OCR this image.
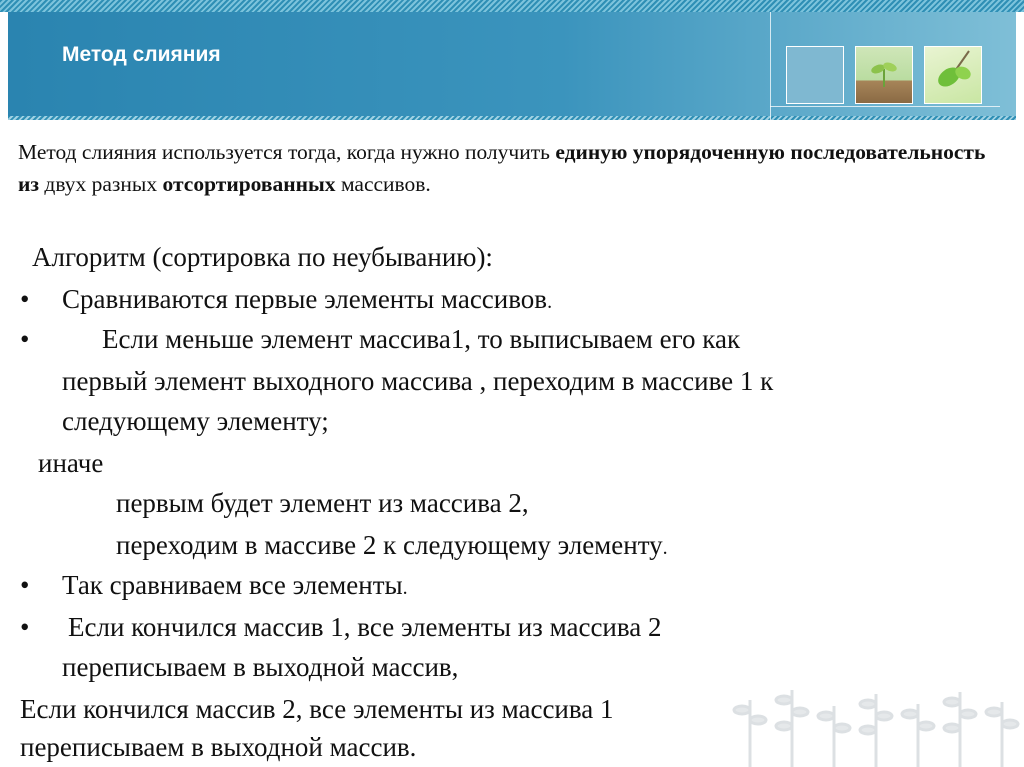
Метод слияния

Метод слияния используется тогда, когда нужно получить единую упорядоченную последовательность из двух разных отсортированных массивов.

Алгоритм (сортировка по неубыванию):

• Сравниваются первые элементы массивов.

•	Если меньше элемент массива1, то выписываем его как

первый элемент выходного массива , переходим в массиве 1 к

следующему элементу;

иначе

первым будет элемент из массива 2,

переходим в массиве 2 к следующему элементу.

• Так сравниваем все элементы.

• Если кончился массив 1, все элементы из массива 2

переписываем в выходной массив,

Если кончился массив 2, все элементы из массива 1

переписываем в выходной массив.
